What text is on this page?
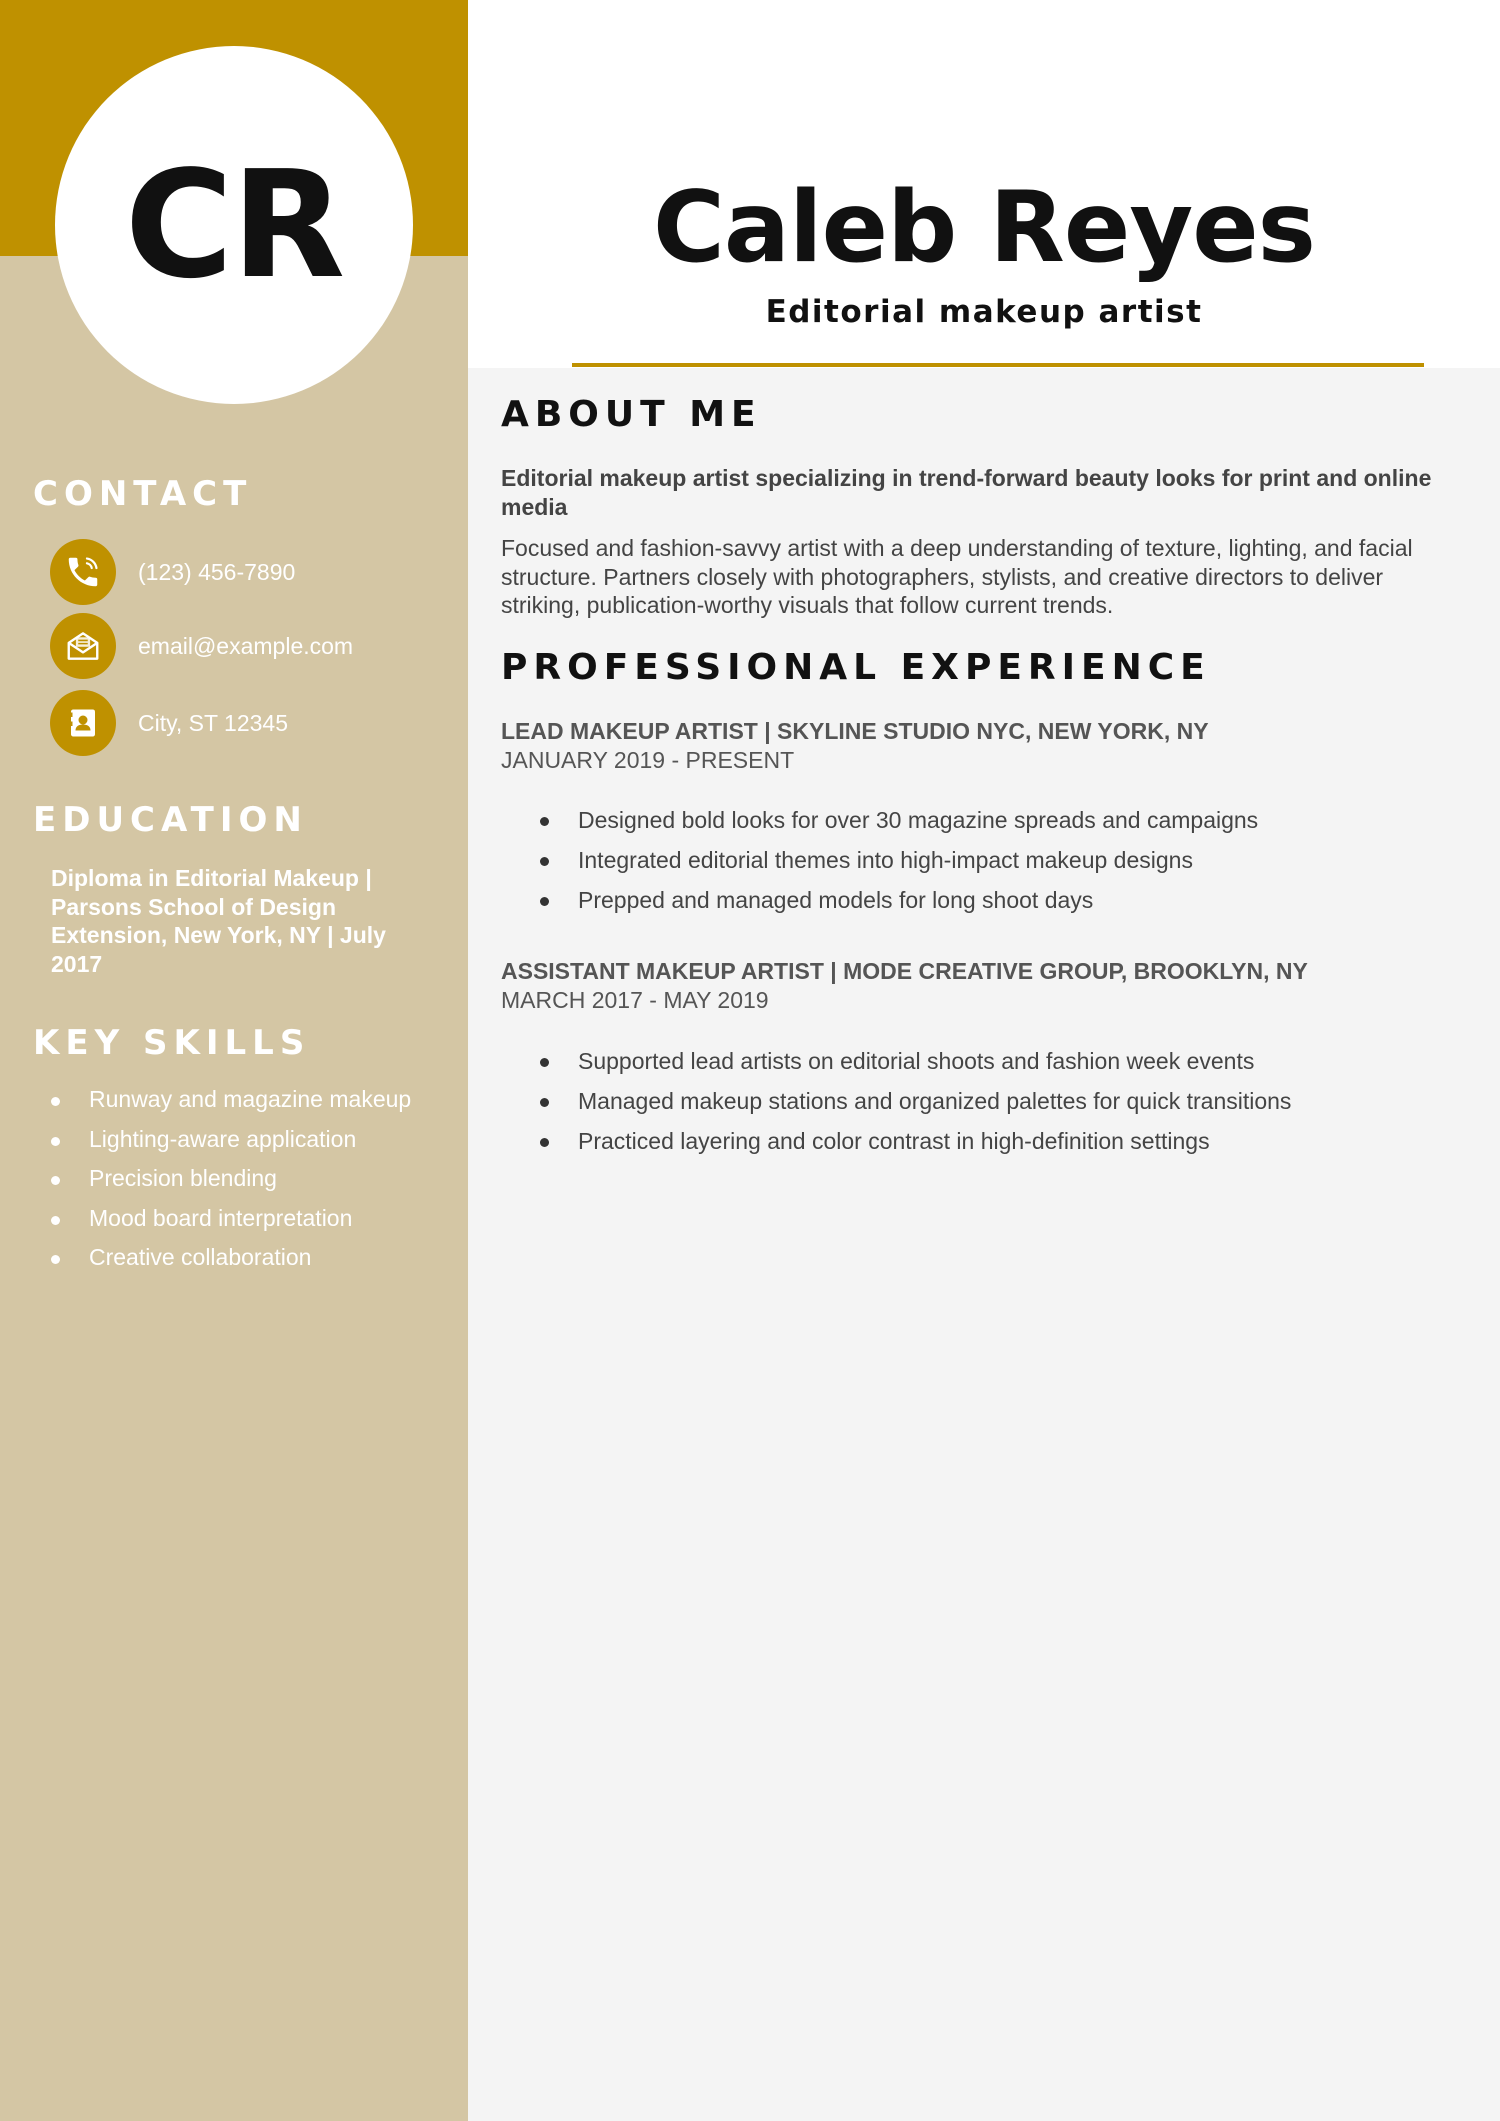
CR
CONTACT
(123) 456-7890
email@example.com
City, ST 12345
EDUCATION
Diploma in Editorial Makeup | Parsons School of Design Extension, New York, NY | July 2017
KEY SKILLS
Runway and magazine makeup
Lighting-aware application
Precision blending
Mood board interpretation
Creative collaboration
Caleb Reyes
Editorial makeup artist
ABOUT ME
Editorial makeup artist specializing in trend-forward beauty looks for print and online media
Focused and fashion-savvy artist with a deep understanding of texture, lighting, and facial structure. Partners closely with photographers, stylists, and creative directors to deliver striking, publication-worthy visuals that follow current trends.
PROFESSIONAL EXPERIENCE
LEAD MAKEUP ARTIST | SKYLINE STUDIO NYC, NEW YORK, NY
JANUARY 2019 - PRESENT
Designed bold looks for over 30 magazine spreads and campaigns
Integrated editorial themes into high-impact makeup designs
Prepped and managed models for long shoot days
ASSISTANT MAKEUP ARTIST | MODE CREATIVE GROUP, BROOKLYN, NY
MARCH 2017 - MAY 2019
Supported lead artists on editorial shoots and fashion week events
Managed makeup stations and organized palettes for quick transitions
Practiced layering and color contrast in high-definition settings
